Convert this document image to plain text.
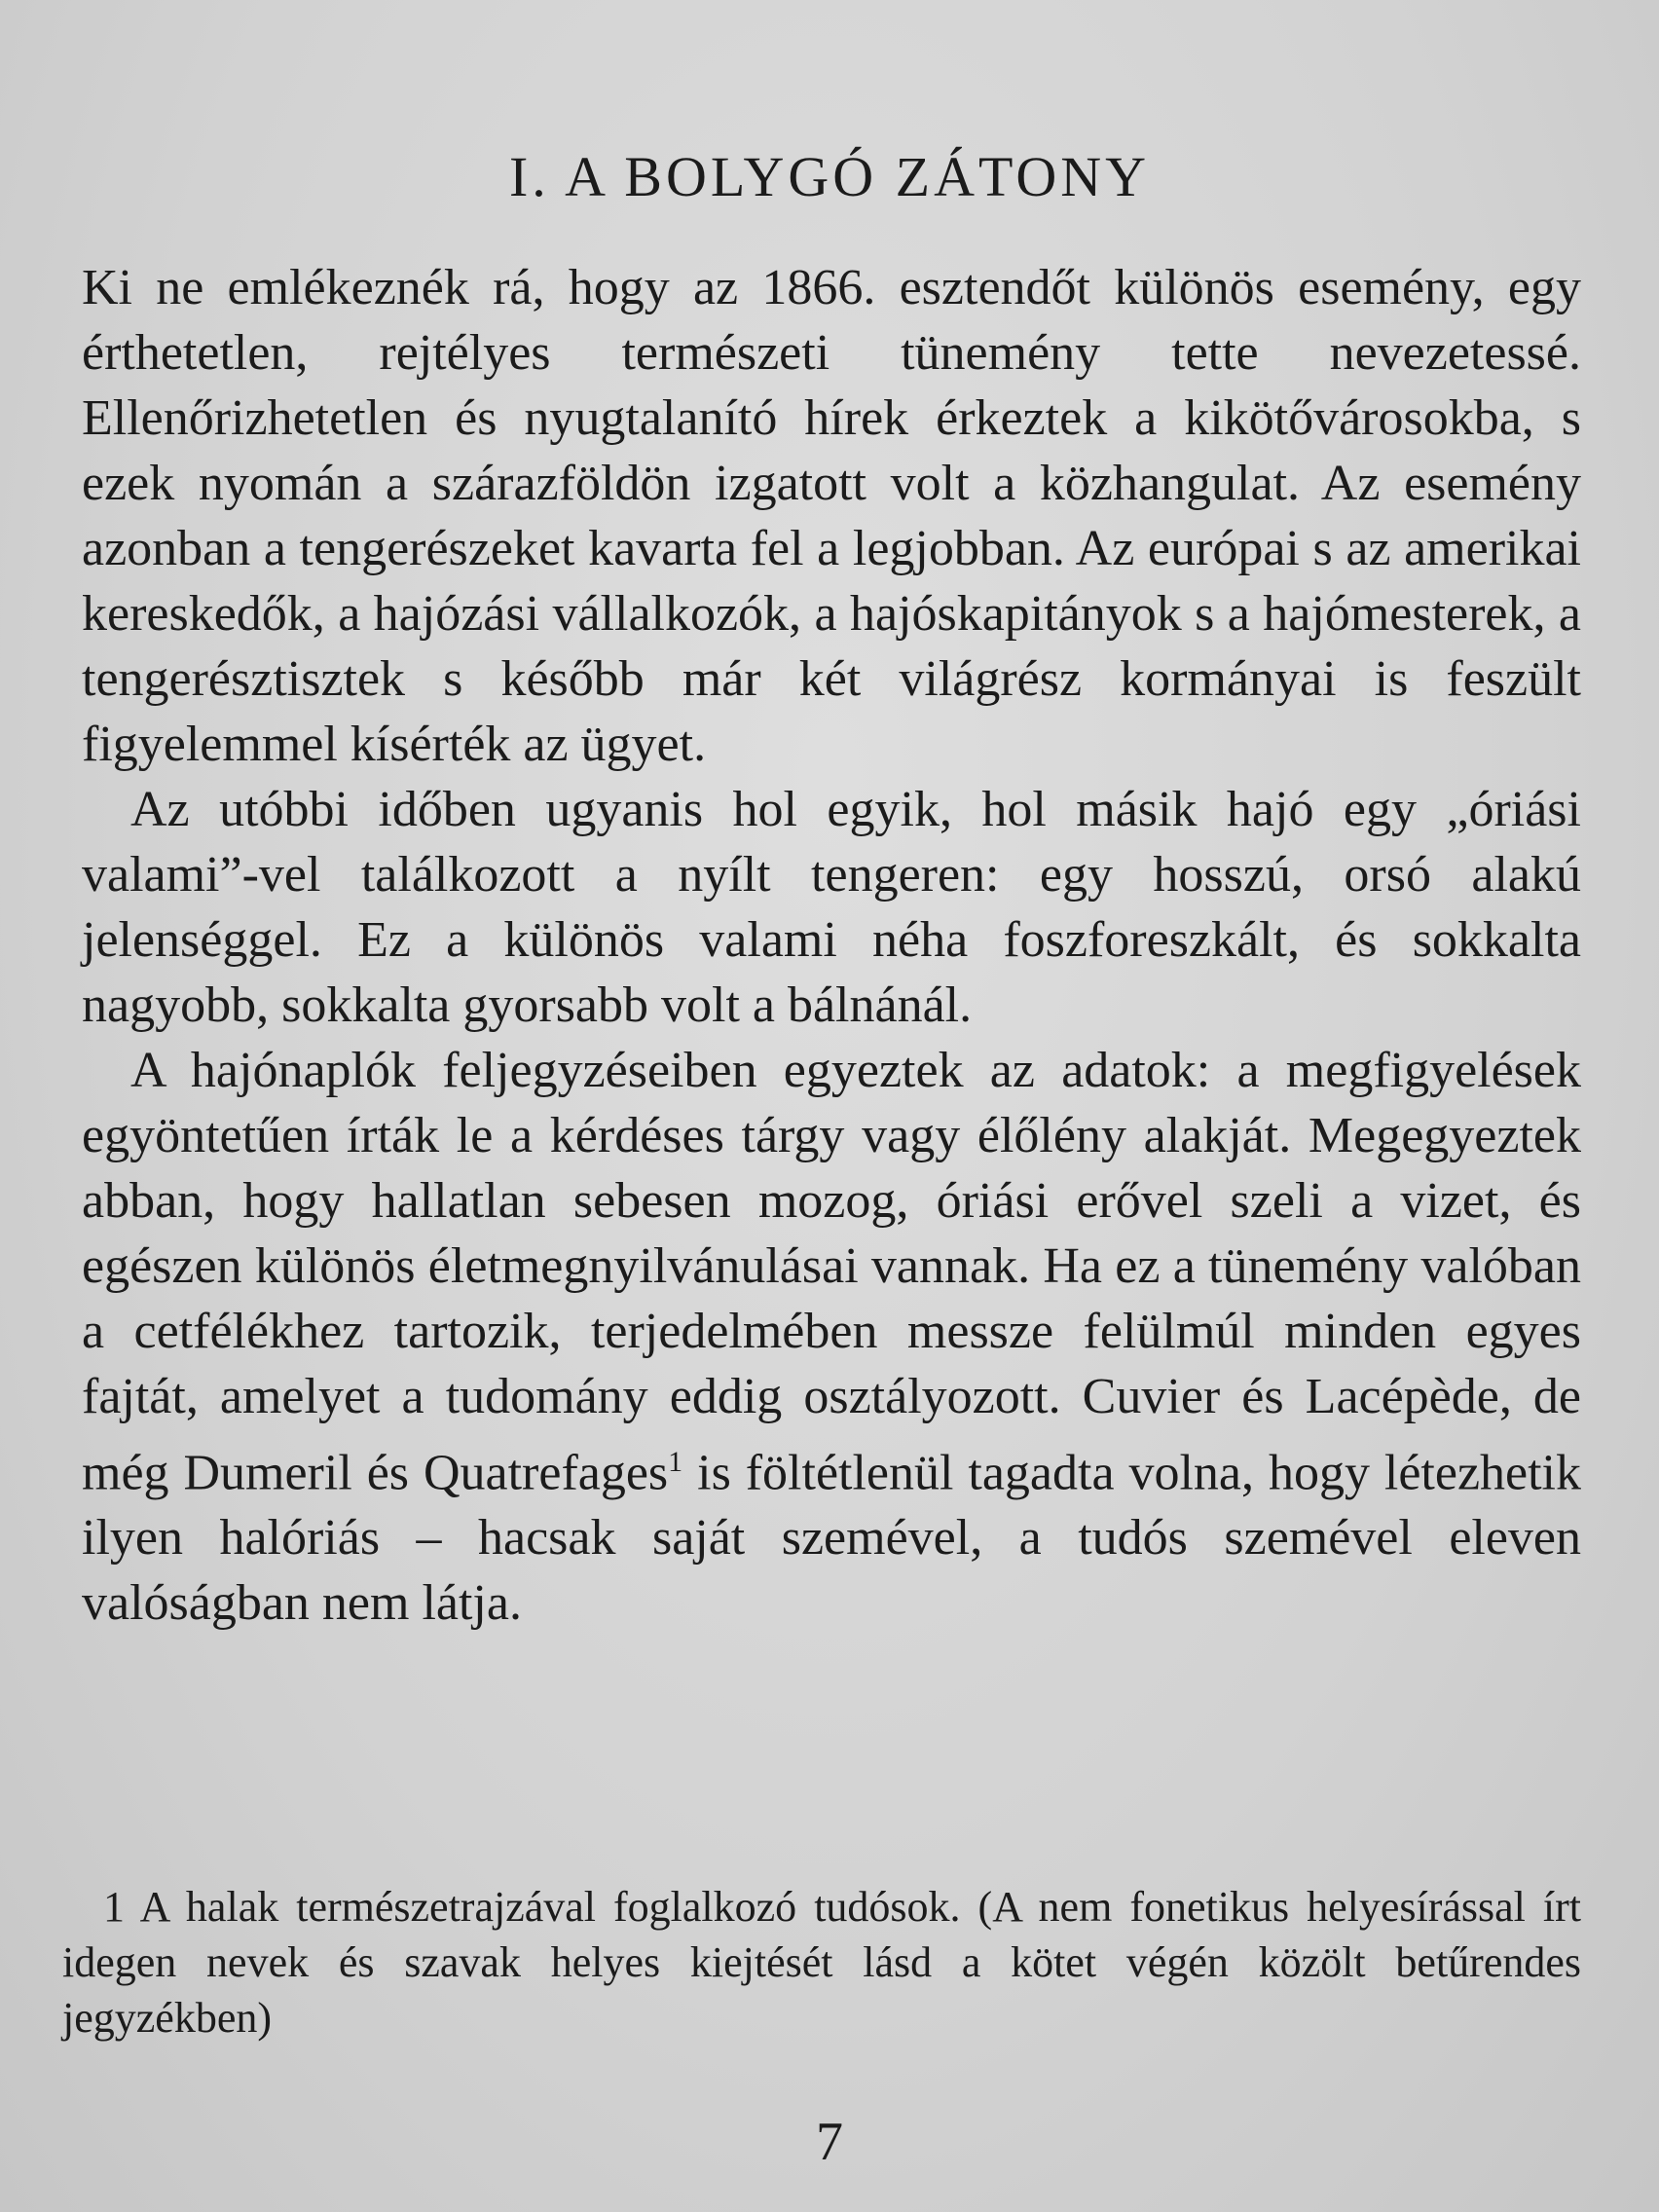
I. A BOLYGÓ ZÁTONY

Ki ne emlékeznék rá, hogy az 1866. esztendőt különös esemény, egy érthetetlen, rejtélyes természeti tünemény tette nevezetessé. Ellenőrizhetetlen és nyugtalanító hírek érkeztek a kikötővárosokba, s ezek nyomán a szárazföldön izgatott volt a közhangulat. Az esemény azonban a tengerészeket kavarta fel a legjobban. Az európai s az amerikai kereskedők, a hajózási vállalkozók, a hajóskapitányok s a hajómesterek, a tengerésztisztek s később már két világrész kormányai is feszült figyelemmel kísérték az ügyet.

Az utóbbi időben ugyanis hol egyik, hol másik hajó egy „óriási valami”-vel találkozott a nyílt tengeren: egy hosszú, orsó alakú jelenséggel. Ez a különös valami néha foszforeszkált, és sokkalta nagyobb, sokkalta gyorsabb volt a bálnánál.

A hajónaplók feljegyzéseiben egyeztek az adatok: a megfigyelések egyöntetűen írták le a kérdéses tárgy vagy élőlény alakját. Megegyeztek abban, hogy hallatlan sebesen mozog, óriási erővel szeli a vizet, és egészen különös életmegnyilvánulásai vannak. Ha ez a tünemény valóban a cetfélékhez tartozik, terjedelmében messze felülmúl minden egyes fajtát, amelyet a tudomány eddig osztályozott. Cuvier és Lacépède, de még Dumeril és Quatrefages$^1$ is föltétlenül tagadta volna, hogy létezhetik ilyen halóriás – hacsak saját szemével, a tudós szemével eleven valóságban nem látja.

1 A halak természetrajzával foglalkozó tudósok. (A nem fonetikus helyesírással írt idegen nevek és szavak helyes kiejtését lásd a kötet végén közölt betűrendes jegyzékben)

7
